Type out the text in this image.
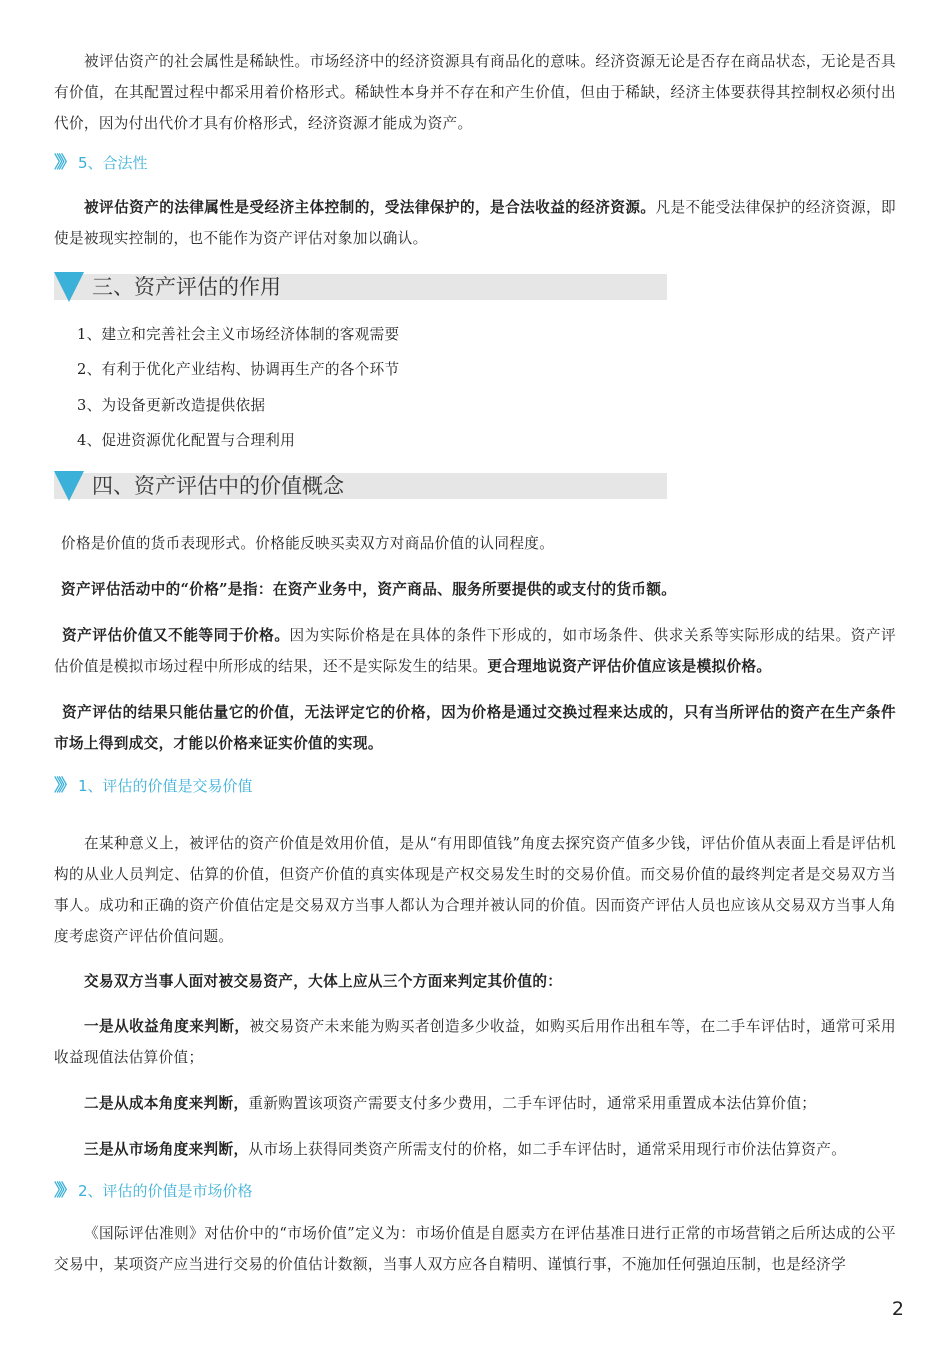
被评估资产的社会属性是稀缺性。市场经济中的经济资源具有商品化的意味。经济资源无论是否存在商品状态，无论是否具有价值，在其配置过程中都采用着价格形式。稀缺性本身并不存在和产生价值，但由于稀缺，经济主体要获得其控制权必须付出代价，因为付出代价才具有价格形式，经济资源才能成为资产。
》》 5、合法性
被评估资产的法律属性是受经济主体控制的，受法律保护的，是合法收益的经济资源。凡是不能受法律保护的经济资源，即使是被现实控制的，也不能作为资产评估对象加以确认。
三、资产评估的作用
1、建立和完善社会主义市场经济体制的客观需要
2、有利于优化产业结构、协调再生产的各个环节
3、为设备更新改造提供依据
4、促进资源优化配置与合理利用
四、资产评估中的价值概念
价格是价值的货币表现形式。价格能反映买卖双方对商品价值的认同程度。
资产评估活动中的“价格”是指：在资产业务中，资产商品、服务所要提供的或支付的货币额。
资产评估价值又不能等同于价格。因为实际价格是在具体的条件下形成的，如市场条件、供求关系等实际形成的结果。资产评估价值是模拟市场过程中所形成的结果，还不是实际发生的结果。更合理地说资产评估价值应该是模拟价格。
资产评估的结果只能估量它的价值，无法评定它的价格，因为价格是通过交换过程来达成的，只有当所评估的资产在生产条件 市场上得到成交，才能以价格来证实价值的实现。
》》 1、评估的价值是交易价值
在某种意义上，被评估的资产价值是效用价值，是从“有用即值钱”角度去探究资产值多少钱，评估价值从表面上看是评估机构的从业人员判定、估算的价值，但资产价值的真实体现是产权交易发生时的交易价值。而交易价值的最终判定者是交易双方当事人。成功和正确的资产价值估定是交易双方当事人都认为合理并被认同的价值。因而资产评估人员也应该从交易双方当事人角度考虑资产评估价值问题。
交易双方当事人面对被交易资产，大体上应从三个方面来判定其价值的：
一是从收益角度来判断，被交易资产未来能为购买者创造多少收益，如购买后用作出租车等，在二手车评估时，通常可采用收益现值法估算价值；
二是从成本角度来判断，重新购置该项资产需要支付多少费用，二手车评估时，通常采用重置成本法估算价值；
三是从市场角度来判断，从市场上获得同类资产所需支付的价格，如二手车评估时，通常采用现行市价法估算资产。
》》 2、评估的价值是市场价格
《国际评估准则》对估价中的“市场价值”定义为：市场价值是自愿卖方在评估基准日进行正常的市场营销之后所达成的公平交易中，某项资产应当进行交易的价值估计数额，当事人双方应各自精明、谨慎行事，不施加任何强迫压制，也是经济学
2
